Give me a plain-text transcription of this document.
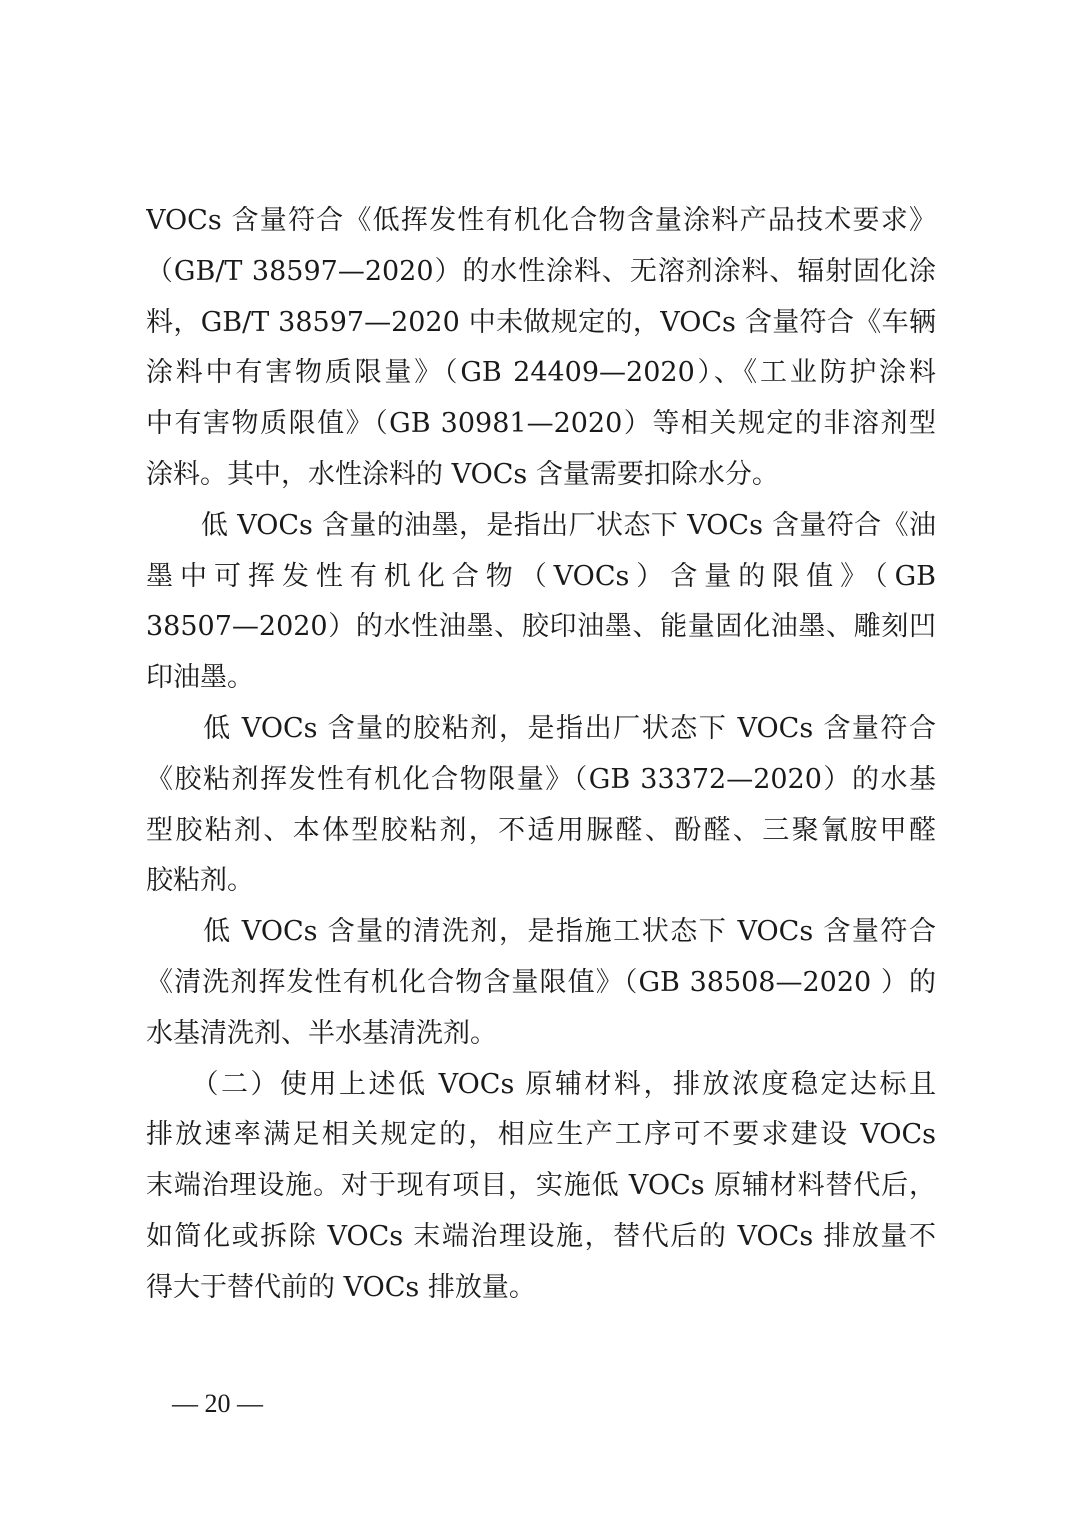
VOCs 含量符合《低挥发性有机化合物含量涂料产品技术要求》
（GB/T 38597—2020）的水性涂料、无溶剂涂料、辐射固化涂
料，GB/T 38597—2020 中未做规定的，VOCs 含量符合《车辆
涂料中有害物质限量》（GB 24409—2020）、《工业防护涂料
中有害物质限值》（GB 30981—2020）等相关规定的非溶剂型
涂料。其中，水性涂料的 VOCs 含量需要扣除水分。
　　低 VOCs 含量的油墨，是指出厂状态下 VOCs 含量符合《油
墨中可挥发性有机化合物（VOCs）含量的限值》（GB
38507—2020）的水性油墨、胶印油墨、能量固化油墨、雕刻凹
印油墨。
　　低 VOCs 含量的胶粘剂，是指出厂状态下 VOCs 含量符合
《胶粘剂挥发性有机化合物限量》（GB 33372—2020）的水基
型胶粘剂、本体型胶粘剂，不适用脲醛、酚醛、三聚氰胺甲醛
胶粘剂。
　　低 VOCs 含量的清洗剂，是指施工状态下 VOCs 含量符合
《清洗剂挥发性有机化合物含量限值》（GB 38508—2020 ）的
水基清洗剂、半水基清洗剂。
　　（二）使用上述低 VOCs 原辅材料，排放浓度稳定达标且
排放速率满足相关规定的，相应生产工序可不要求建设 VOCs
末端治理设施。对于现有项目，实施低 VOCs 原辅材料替代后，
如简化或拆除 VOCs 末端治理设施，替代后的 VOCs 排放量不
得大于替代前的 VOCs 排放量。
— 20 —
